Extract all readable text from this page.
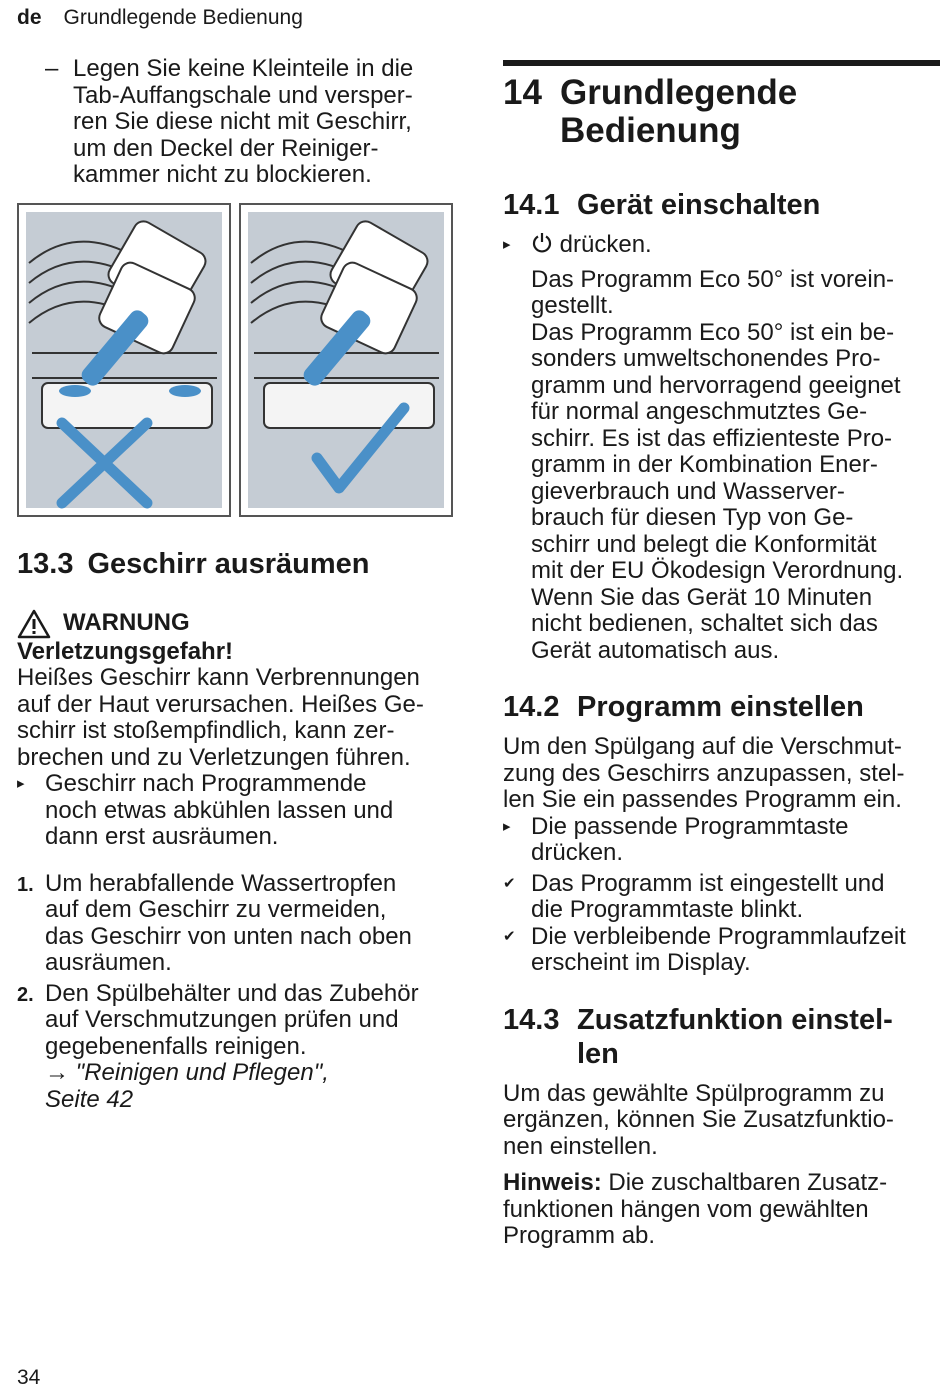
de Grundlegende Bedienung
– Legen Sie keine Kleinteile in die
Tab-Auffangschale und versper-
ren Sie diese nicht mit Geschirr,
um den Deckel der Reiniger-
kammer nicht zu blockieren.
13.3 Geschirr ausräumen
WARNUNG
Verletzungsgefahr!
Heißes Geschirr kann Verbrennungen
auf der Haut verursachen. Heißes Ge-
schirr ist stoßempfindlich, kann zer-
brechen und zu Verletzungen führen.
▸ Geschirr nach Programmende
noch etwas abkühlen lassen und
dann erst ausräumen.
1. Um herabfallende Wassertropfen
auf dem Geschirr zu vermeiden,
das Geschirr von unten nach oben
ausräumen.
2. Den Spülbehälter und das Zubehör
auf Verschmutzungen prüfen und
gegebenenfalls reinigen.
→ "Reinigen und Pflegen",
Seite 42
14 Grundlegende
Bedienung
14.1 Gerät einschalten
▸ drücken.
Das Programm Eco 50° ist vorein-
gestellt.
Das Programm Eco 50° ist ein be-
sonders umweltschonendes Pro-
gramm und hervorragend geeignet
für normal angeschmutztes Ge-
schirr. Es ist das effizienteste Pro-
gramm in der Kombination Ener-
gieverbrauch und Wasserver-
brauch für diesen Typ von Ge-
schirr und belegt die Konformität
mit der EU Ökodesign Verordnung.
Wenn Sie das Gerät 10 Minuten
nicht bedienen, schaltet sich das
Gerät automatisch aus.
14.2 Programm einstellen
Um den Spülgang auf die Verschmut-
zung des Geschirrs anzupassen, stel-
len Sie ein passendes Programm ein.
▸ Die passende Programmtaste
drücken.
✔ Das Programm ist eingestellt und
die Programmtaste blinkt.
✔ Die verbleibende Programmlaufzeit
erscheint im Display.
14.3 Zusatzfunktion einstel-
len
Um das gewählte Spülprogramm zu
ergänzen, können Sie Zusatzfunktio-
nen einstellen.
Hinweis: Die zuschaltbaren Zusatz-
funktionen hängen vom gewählten
Programm ab.
34
